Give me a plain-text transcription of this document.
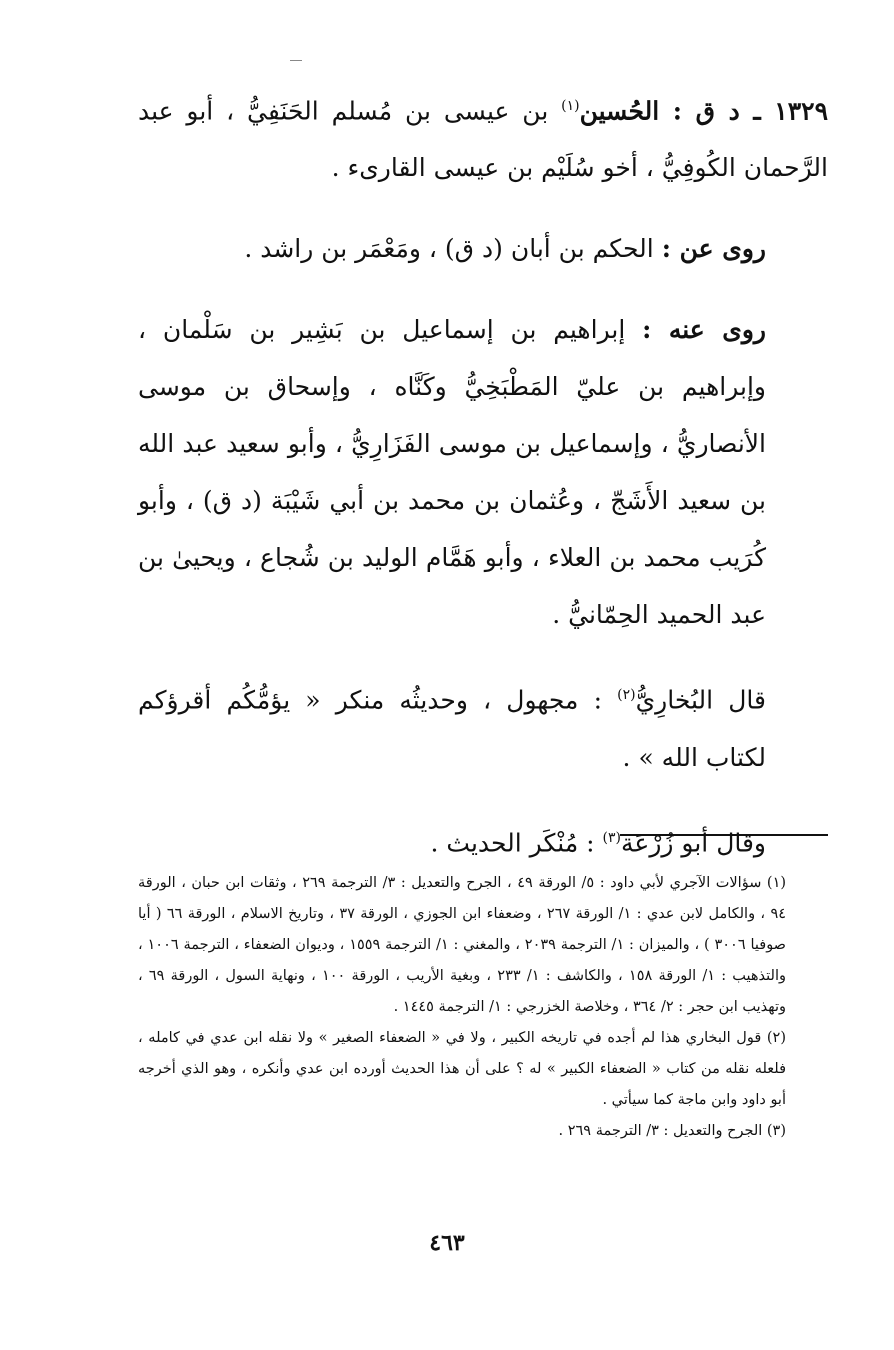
١٣٢٩ ـ د ق : الحُسين$^{(١)}$ بن عيسى بن مُسلم الحَنَفِيُّ ، أبو عبد الرَّحمان الكُوفِيُّ ، أخو سُلَيْم بن عيسى القارىء .

روى عن : الحكم بن أبان (د ق) ، ومَعْمَر بن راشد .

روى عنه : إبراهيم بن إسماعيل بن بَشِير بن سَلْمان ، وإبراهيم بن عليّ المَطْبَخِيُّ وكَنَّاه ، وإسحاق بن موسى الأنصاريُّ ، وإسماعيل بن موسى الفَزَارِيُّ ، وأبو سعيد عبد الله بن سعيد الأَشَجّ ، وعُثمان بن محمد بن أبي شَيْبَة (د ق) ، وأبو كُرَيب محمد بن العلاء ، وأبو هَمَّام الوليد بن شُجاع ، ويحيىٰ بن عبد الحميد الحِمّانيُّ .

قال البُخارِيُّ$^{(٢)}$ : مجهول ، وحديثُه منكر « يؤمُّكُم أقرؤكم لكتاب الله » .

وقال أبو زُرْعَة$^{(٣)}$ : مُنْكَر الحديث .

(١) سؤالات الآجري لأبي داود : ٥/ الورقة ٤٩ ، الجرح والتعديل : ٣/ الترجمة ٢٦٩ ، وثقات ابن حبان ، الورقة ٩٤ ، والكامل لابن عدي : ١/ الورقة ٢٦٧ ، وضعفاء ابن الجوزي ، الورقة ٣٧ ، وتاريخ الاسلام ، الورقة ٦٦ ( أيا صوفيا ٣٠٠٦ ) ، والميزان : ١/ الترجمة ٢٠٣٩ ، والمغني : ١/ الترجمة ١٥٥٩ ، وديوان الضعفاء ، الترجمة ١٠٠٦ ، والتذهيب : ١/ الورقة ١٥٨ ، والكاشف : ١/ ٢٣٣ ، وبغية الأريب ، الورقة ١٠٠ ، ونهاية السول ، الورقة ٦٩ ، وتهذيب ابن حجر : ٢/ ٣٦٤ ، وخلاصة الخزرجي : ١/ الترجمة ١٤٤٥ .

(٢) قول البخاري هذا لم أجده في تاريخه الكبير ، ولا في « الضعفاء الصغير » ولا نقله ابن عدي في كامله ، فلعله نقله من كتاب « الضعفاء الكبير » له ؟ على أن هذا الحديث أورده ابن عدي وأنكره ، وهو الذي أخرجه أبو داود وابن ماجة كما سيأتي .

(٣) الجرح والتعديل : ٣/ الترجمة ٢٦٩ .

٤٦٣
